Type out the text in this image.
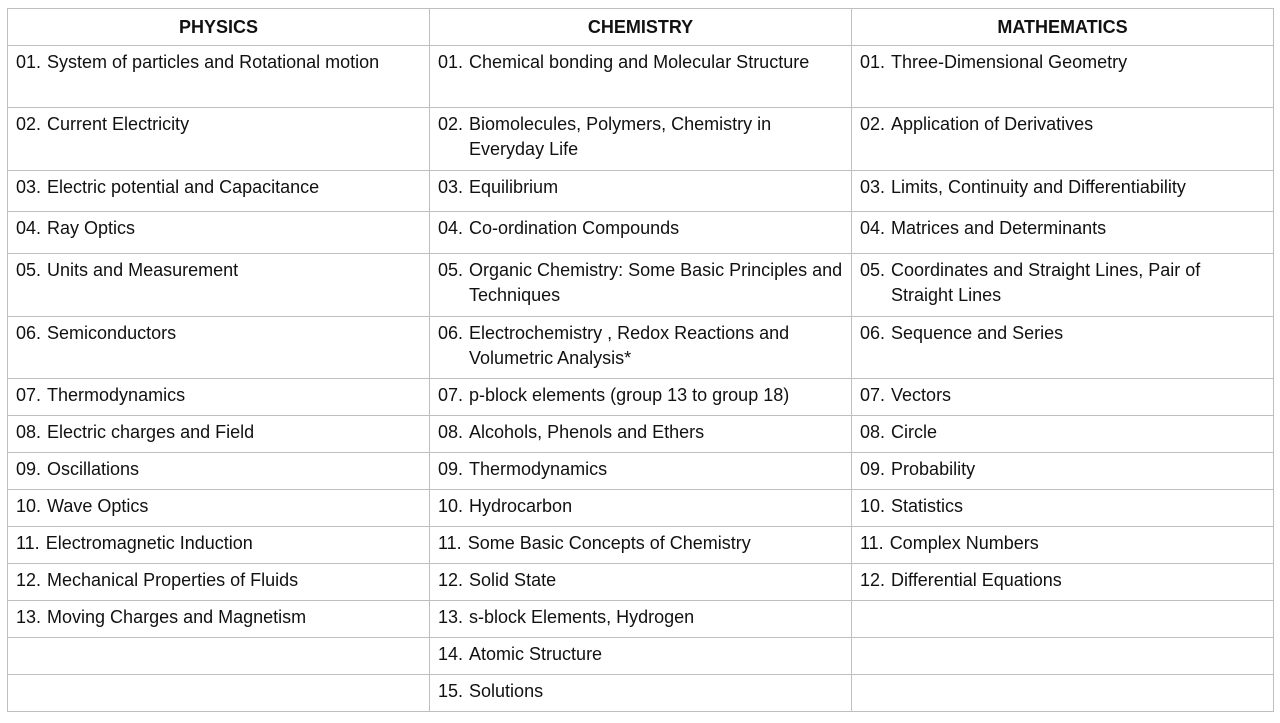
PHYSICS	CHEMISTRY	MATHEMATICS

01. System of particles and Rotational motion	01. Chemical bonding and Molecular Structure	01. Three-Dimensional Geometry

02. Current Electricity	02. Biomolecules, Polymers, Chemistry in Everyday Life	02. Application of Derivatives

03. Electric potential and Capacitance	03. Equilibrium	03. Limits, Continuity and Differentiability

04. Ray Optics	04. Co-ordination Compounds	04. Matrices and Determinants

05. Units and Measurement	05. Organic Chemistry: Some Basic Principles and Techniques	05. Coordinates and Straight Lines, Pair of Straight Lines

06. Semiconductors	06. Electrochemistry , Redox Reactions and Volumetric Analysis*	06. Sequence and Series

07. Thermodynamics	07. p-block elements (group 13 to group 18)	07. Vectors

08. Electric charges and Field	08. Alcohols, Phenols and Ethers	08. Circle

09. Oscillations	09. Thermodynamics	09. Probability

10. Wave Optics	10. Hydrocarbon	10. Statistics

11. Electromagnetic Induction	11. Some Basic Concepts of Chemistry	11. Complex Numbers

12. Mechanical Properties of Fluids	12. Solid State	12. Differential Equations

13. Moving Charges and Magnetism	13. s-block Elements, Hydrogen	

	14. Atomic Structure	

	15. Solutions	
